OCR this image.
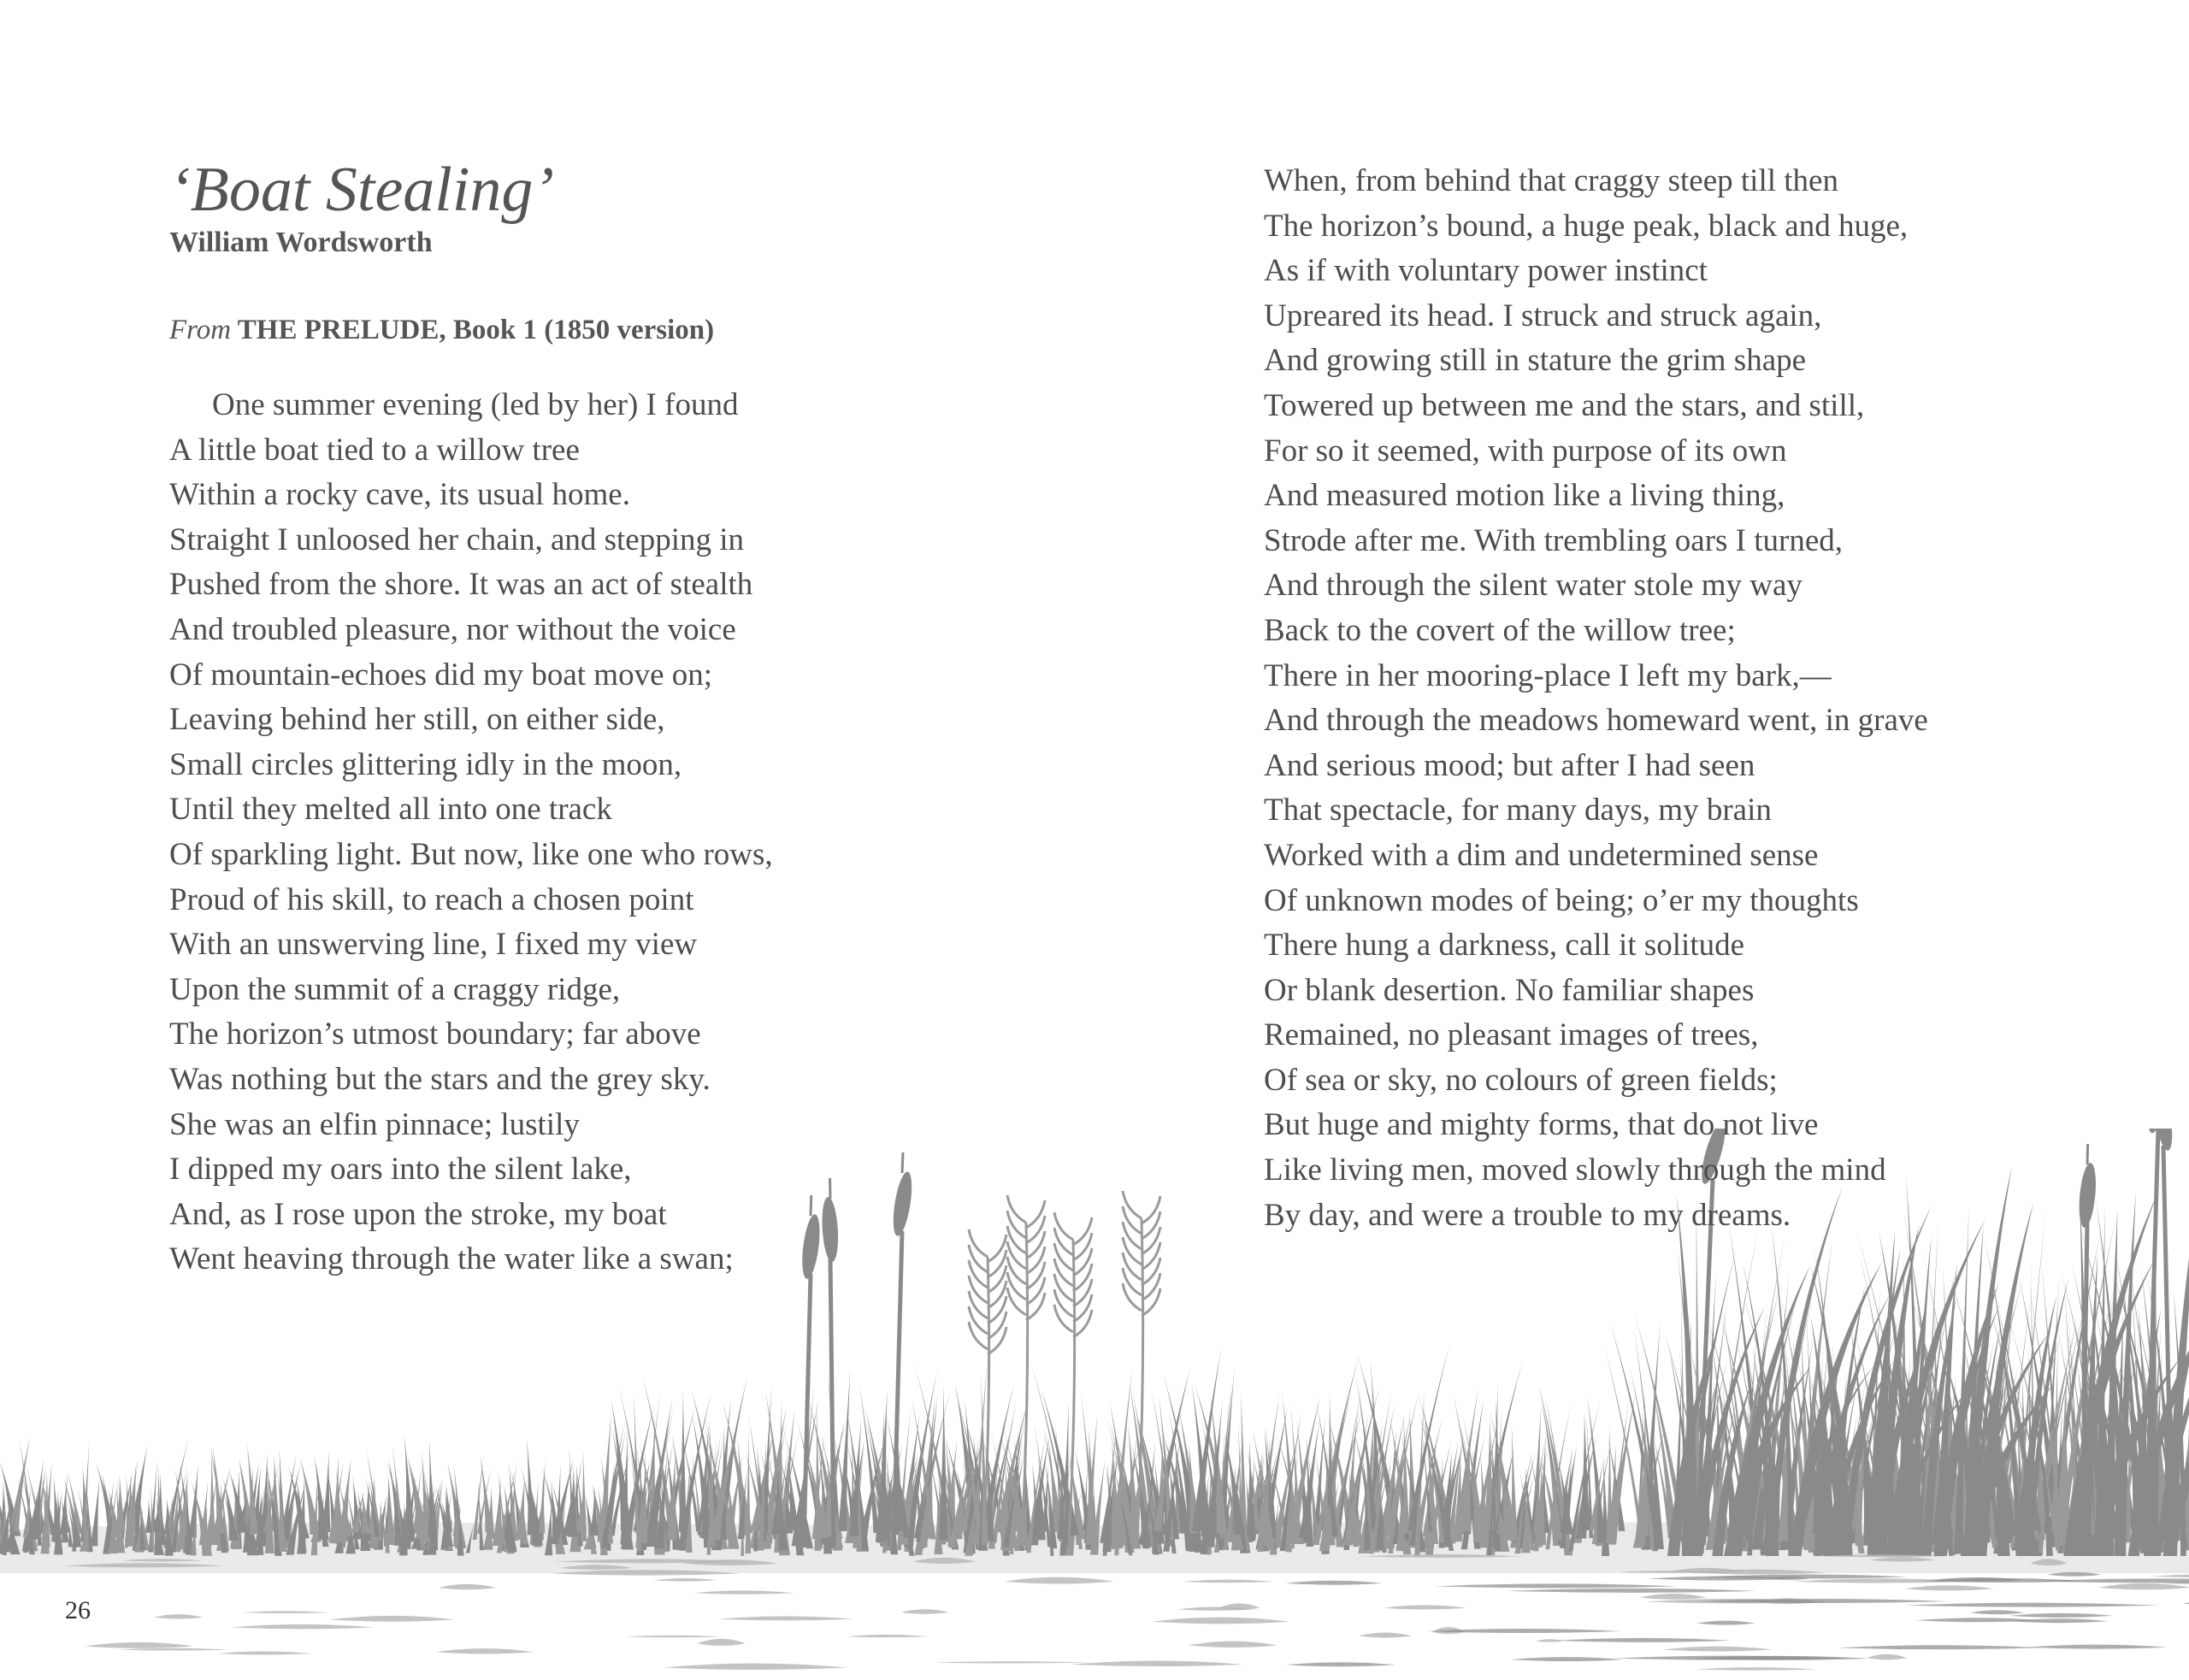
‘Boat Stealing’

William Wordsworth

From THE PRELUDE, Book 1 (1850 version)

One summer evening (led by her) I found
A little boat tied to a willow tree
Within a rocky cave, its usual home.
Straight I unloosed her chain, and stepping in
Pushed from the shore. It was an act of stealth
And troubled pleasure, nor without the voice
Of mountain-echoes did my boat move on;
Leaving behind her still, on either side,
Small circles glittering idly in the moon,
Until they melted all into one track
Of sparkling light. But now, like one who rows,
Proud of his skill, to reach a chosen point
With an unswerving line, I fixed my view
Upon the summit of a craggy ridge,
The horizon’s utmost boundary; far above
Was nothing but the stars and the grey sky.
She was an elfin pinnace; lustily
I dipped my oars into the silent lake,
And, as I rose upon the stroke, my boat
Went heaving through the water like a swan;
When, from behind that craggy steep till then
The horizon’s bound, a huge peak, black and huge,
As if with voluntary power instinct
Upreared its head. I struck and struck again,
And growing still in stature the grim shape
Towered up between me and the stars, and still,
For so it seemed, with purpose of its own
And measured motion like a living thing,
Strode after me. With trembling oars I turned,
And through the silent water stole my way
Back to the covert of the willow tree;
There in her mooring-place I left my bark,—
And through the meadows homeward went, in grave
And serious mood; but after I had seen
That spectacle, for many days, my brain
Worked with a dim and undetermined sense
Of unknown modes of being; o’er my thoughts
There hung a darkness, call it solitude
Or blank desertion. No familiar shapes
Remained, no pleasant images of trees,
Of sea or sky, no colours of green fields;
But huge and mighty forms, that do not live
Like living men, moved slowly through the mind
By day, and were a trouble to my dreams.
26
